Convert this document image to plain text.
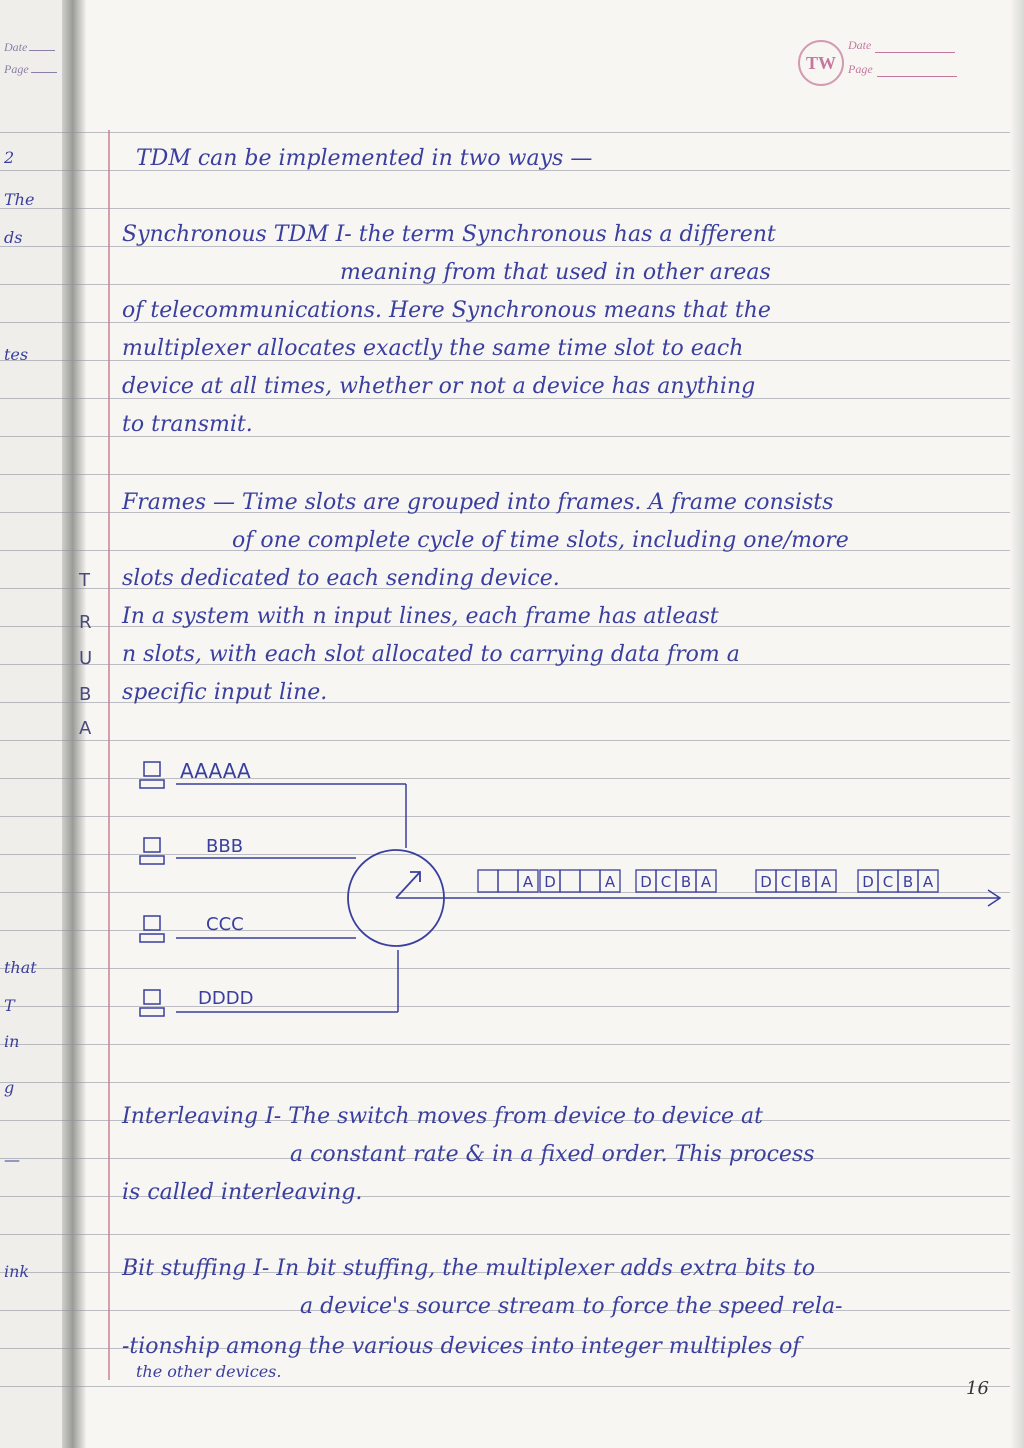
TW
Date
Page
Date
Page
2
The
ds
tes
that
T
in
g
—
ink
T
R
U
B
A
TDM can be implemented in two ways —
Synchronous TDM I- the term Synchronous has a different
meaning from that used in other areas
of telecommunications. Here Synchronous means that the
multiplexer allocates exactly the same time slot to each
device at all times, whether or not a device has anything
to transmit.
Frames — Time slots are grouped into frames. A frame consists
of one complete cycle of time slots, including one/more
slots dedicated to each sending device.
In a system with n input lines, each frame has atleast
n slots, with each slot allocated to carrying data from a
specific input line.
Interleaving I- The switch moves from device to device at
a constant rate & in a fixed order. This process
is called interleaving.
Bit stuffing I- In bit stuffing, the multiplexer adds extra bits to
a device's source stream to force the speed rela-
-tionship among the various devices into integer multiples of
the other devices.
AAAAA
BBB
CCC
DDDD
A D	A D C B A	D C B A D C B A
16
